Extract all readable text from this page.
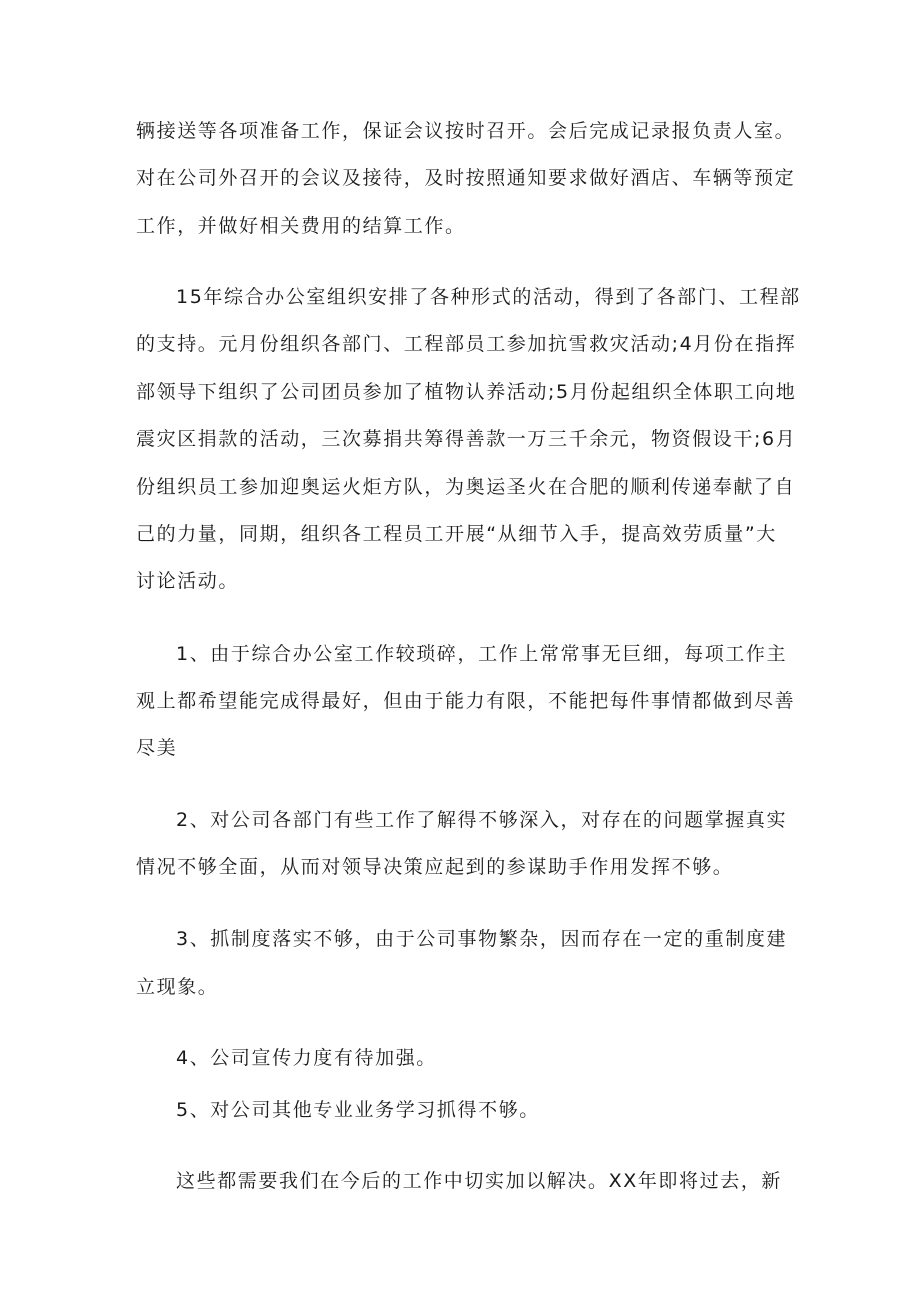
辆接送等各项准备工作，保证会议按时召开。会后完成记录报负责人室。

对在公司外召开的会议及接待，及时按照通知要求做好酒店、车辆等预定

工作，并做好相关费用的结算工作。

15年综合办公室组织安排了各种形式的活动，得到了各部门、工程部

的支持。元月份组织各部门、工程部员工参加抗雪救灾活动;4月份在指挥

部领导下组织了公司团员参加了植物认养活动;5月份起组织全体职工向地

震灾区捐款的活动，三次募捐共筹得善款一万三千余元，物资假设干;6月

份组织员工参加迎奥运火炬方队，为奥运圣火在合肥的顺利传递奉献了自

己的力量，同期，组织各工程员工开展“从细节入手，提高效劳质量”大

讨论活动。

1、由于综合办公室工作较琐碎，工作上常常事无巨细，每项工作主

观上都希望能完成得最好，但由于能力有限，不能把每件事情都做到尽善

尽美

2、对公司各部门有些工作了解得不够深入，对存在的问题掌握真实

情况不够全面，从而对领导决策应起到的参谋助手作用发挥不够。

3、抓制度落实不够，由于公司事物繁杂，因而存在一定的重制度建

立现象。

4、公司宣传力度有待加强。

5、对公司其他专业业务学习抓得不够。

这些都需要我们在今后的工作中切实加以解决。XX年即将过去，新
